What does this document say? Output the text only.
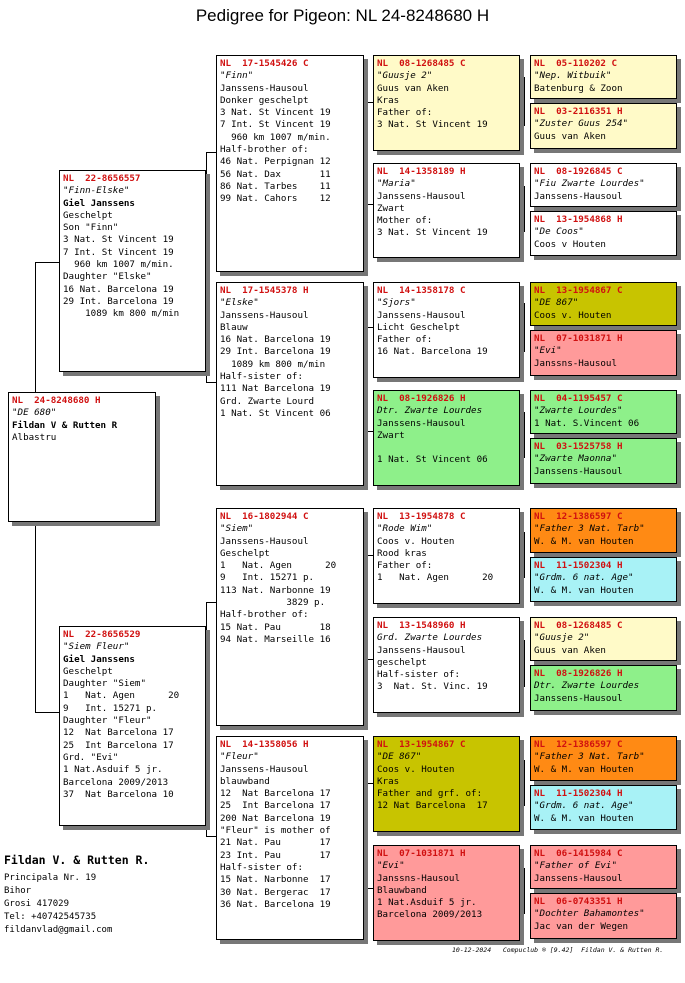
Pedigree for Pigeon: NL 24-8248680 H
NL  24-8248680 H
"DE 680"
Fildan V & Rutten R
Albastru
NL  22-8656557
"Finn-Elske"
Giel Janssens
Geschelpt
Son "Finn"
3 Nat. St Vincent 19
7 Int. St Vincent 19
960 km 1007 m/min.
Daughter "Elske"
16 Nat. Barcelona 19
29 Int. Barcelona 19
1089 km 800 m/min
NL  22-8656529
"Siem Fleur"
Giel Janssens
Geschelpt
Daughter "Siem"
1   Nat. Agen      20
9   Int. 15271 p.
Daughter "Fleur"
12  Nat Barcelona 17
25  Int Barcelona 17
Grd. "Evi"
1 Nat.Asduif 5 jr.
Barcelona 2009/2013
37  Nat Barcelona 10
NL  17-1545426 C
"Finn"
Janssens-Hausoul
Donker geschelpt
3 Nat. St Vincent 19
7 Int. St Vincent 19
960 km 1007 m/min.
Half-brother of:
46 Nat. Perpignan 12
56 Nat. Dax       11
86 Nat. Tarbes    11
99 Nat. Cahors    12
NL  17-1545378 H
"Elske"
Janssens-Hausoul
Blauw
16 Nat. Barcelona 19
29 Int. Barcelona 19
1089 km 800 m/min
Half-sister of:
111 Nat Barcelona 19
Grd. Zwarte Lourd
1 Nat. St Vincent 06
NL  16-1802944 C
"Siem"
Janssens-Hausoul
Geschelpt
1   Nat. Agen      20
9   Int. 15271 p.
113 Nat. Narbonne 19
3829 p.
Half-brother of:
15 Nat. Pau       18
94 Nat. Marseille 16
NL  14-1358056 H
"Fleur"
Janssens-Hausoul
blauwband
12  Nat Barcelona 17
25  Int Barcelona 17
200 Nat Barcelona 19
"Fleur" is mother of
21 Nat. Pau       17
23 Int. Pau       17
Half-sister of:
15 Nat. Narbonne  17
30 Nat. Bergerac  17
36 Nat. Barcelona 19
NL  08-1268485 C
"Guusje 2"
Guus van Aken
Kras
Father of:
3 Nat. St Vincent 19
NL  14-1358189 H
"Maria"
Janssens-Hausoul
Zwart
Mother of:
3 Nat. St Vincent 19
NL  14-1358178 C
"Sjors"
Janssens-Hausoul
Licht Geschelpt
Father of:
16 Nat. Barcelona 19
NL  08-1926826 H
Dtr. Zwarte Lourdes
Janssens-Hausoul
Zwart
1 Nat. St Vincent 06
NL  13-1954878 C
"Rode Wim"
Coos v. Houten
Rood kras
Father of:
1   Nat. Agen      20
NL  13-1548960 H
Grd. Zwarte Lourdes
Janssens-Hausoul
geschelpt
Half-sister of:
3  Nat. St. Vinc. 19
NL  13-1954867 C
"DE 867"
Coos v. Houten
Kras
Father and grf. of:
12 Nat Barcelona  17
NL  07-1031871 H
"Evi"
Janssns-Hausoul
Blauwband
1 Nat.Asduif 5 jr.
Barcelona 2009/2013
NL  05-110202 C
"Nep. Witbuik"
Batenburg & Zoon
NL  03-2116351 H
"Zuster Guus 254"
Guus van Aken
NL  08-1926845 C
"Fiu Zwarte Lourdes"
Janssens-Hausoul
NL  13-1954868 H
"De Coos"
Coos v Houten
NL  13-1954867 C
"DE 867"
Coos v. Houten
NL  07-1031871 H
"Evi"
Janssns-Hausoul
NL  04-1195457 C
"Zwarte Lourdes"
1 Nat. S.Vincent 06
NL  03-1525758 H
"Zwarte Maonna"
Janssens-Hausoul
NL  12-1386597 C
"Father 3 Nat. Tarb"
W. & M. van Houten
NL  11-1502304 H
"Grdm. 6 nat. Age"
W. & M. van Houten
NL  08-1268485 C
"Guusje 2"
Guus van Aken
NL  08-1926826 H
Dtr. Zwarte Lourdes
Janssens-Hausoul
NL  12-1386597 C
"Father 3 Nat. Tarb"
W. & M. van Houten
NL  11-1502304 H
"Grdm. 6 nat. Age"
W. & M. van Houten
NL  06-1415984 C
"Father of Evi"
Janssens-Hausoul
NL  06-0743351 H
"Dochter Bahamontes"
Jac van der Wegen
Fildan V. & Rutten R.
Principala Nr. 19
Bihor
Grosi 417029
Tel: +40742545735
fildanvlad@gmail.com
10-12-2024   Compuclub ® [9.42]  Fildan V. & Rutten R.
